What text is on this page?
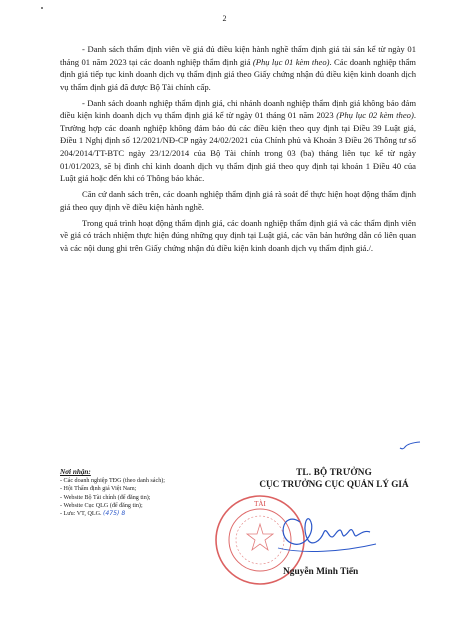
2

- Danh sách thẩm định viên về giá đủ điều kiện hành nghề thẩm định giá tài sản kể từ ngày 01 tháng 01 năm 2023 tại các doanh nghiệp thẩm định giá (Phụ lục 01 kèm theo). Các doanh nghiệp thẩm định giá tiếp tục kinh doanh dịch vụ thẩm định giá theo Giấy chứng nhận đủ điều kiện kinh doanh dịch vụ thẩm định giá đã được Bộ Tài chính cấp.

- Danh sách doanh nghiệp thẩm định giá, chi nhánh doanh nghiệp thẩm định giá không bảo đảm điều kiện kinh doanh dịch vụ thẩm định giá kể từ ngày 01 tháng 01 năm 2023 (Phụ lục 02 kèm theo). Trường hợp các doanh nghiệp không đảm bảo đủ các điều kiện theo quy định tại Điều 39 Luật giá, Điều 1 Nghị định số 12/2021/NĐ-CP ngày 24/02/2021 của Chính phủ và Khoản 3 Điều 26 Thông tư số 204/2014/TT-BTC ngày 23/12/2014 của Bộ Tài chính trong 03 (ba) tháng liên tục kể từ ngày 01/01/2023, sẽ bị đình chỉ kinh doanh dịch vụ thẩm định giá theo quy định tại khoản 1 Điều 40 của Luật giá hoặc đến khi có Thông báo khác.

Căn cứ danh sách trên, các doanh nghiệp thẩm định giá rà soát để thực hiện hoạt động thẩm định giá theo quy định về điều kiện hành nghề.

Trong quá trình hoạt động thẩm định giá, các doanh nghiệp thẩm định giá và các thẩm định viên về giá có trách nhiệm thực hiện đúng những quy định tại Luật giá, các văn bản hướng dẫn có liên quan và các nội dung ghi trên Giấy chứng nhận đủ điều kiện kinh doanh dịch vụ thẩm định giá./.

Nơi nhận:
- Các doanh nghiệp TĐG (theo danh sách);
- Hội Thẩm định giá Việt Nam;
- Website Bộ Tài chính (để đăng tin);
- Website Cục QLG (để đăng tin);
- Lưu: VT, QLG. (475) 8
TL. BỘ TRƯỞNG
CỤC TRƯỞNG CỤC QUẢN LÝ GIÁ
TÀI
Nguyễn Minh Tiến
